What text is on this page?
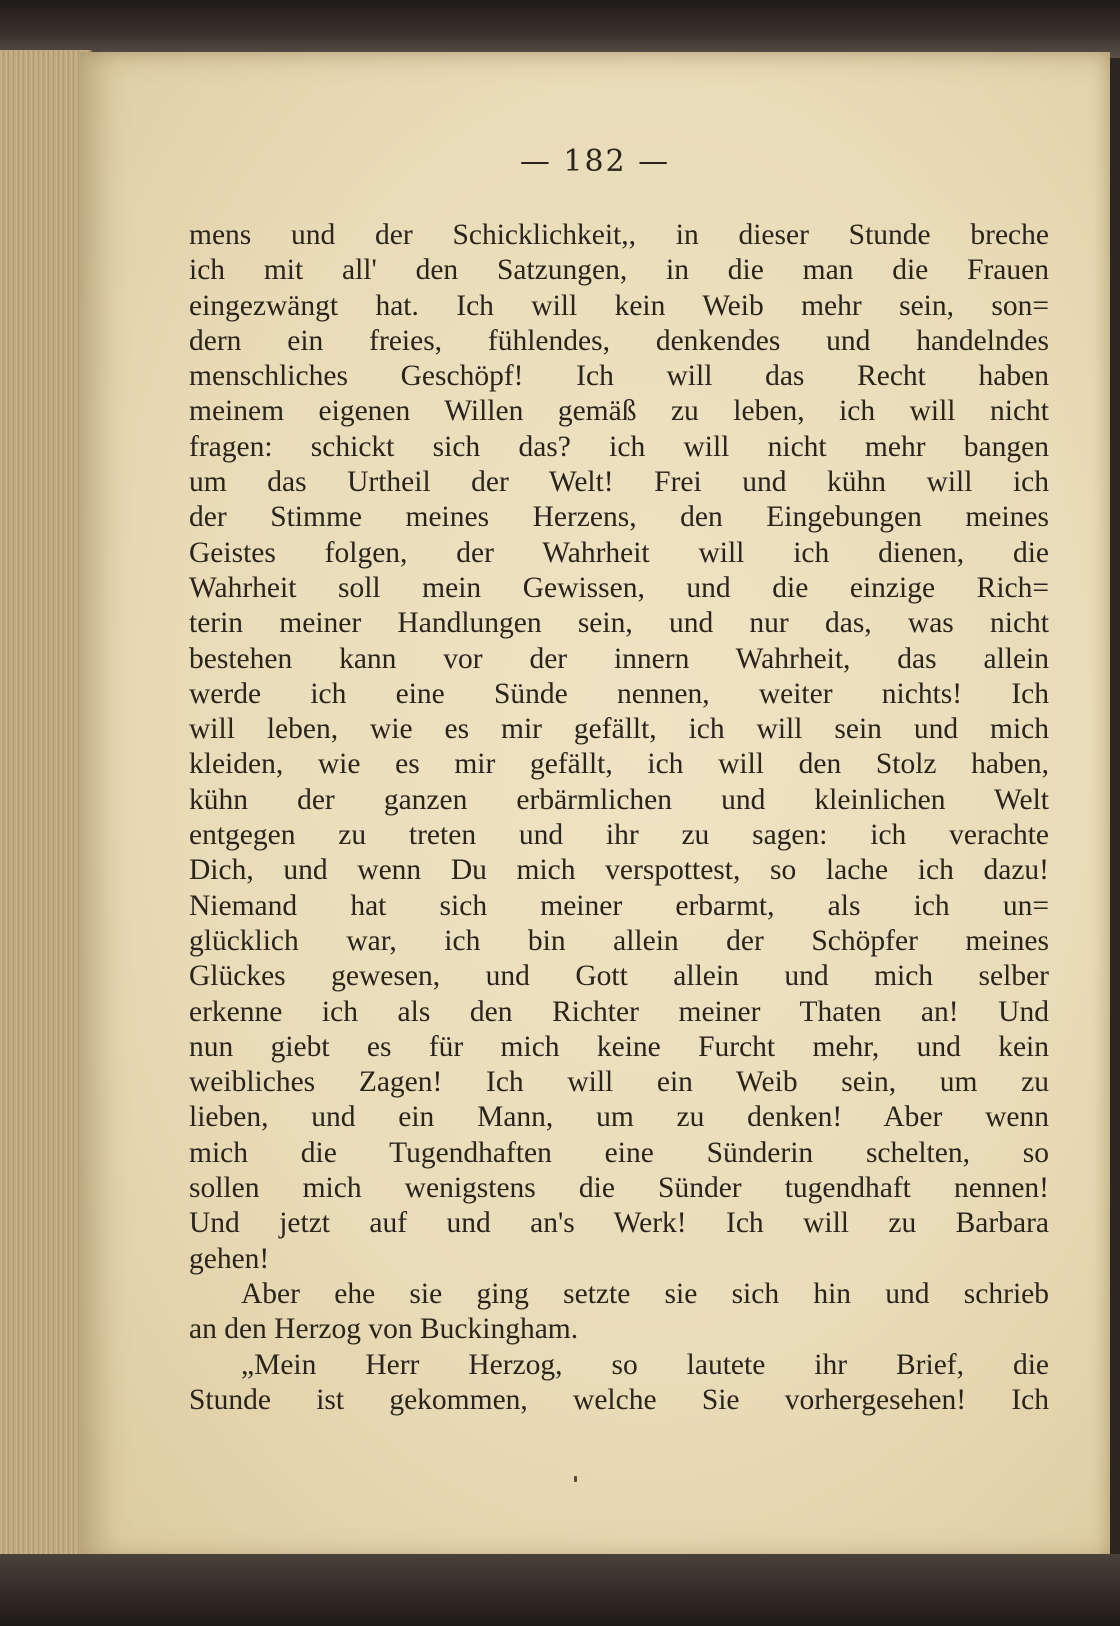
— 182 —
mens und der Schicklichkeit,, in dieser Stunde breche
ich mit all' den Satzungen, in die man die Frauen
eingezwängt hat. Ich will kein Weib mehr sein, son=
dern ein freies, fühlendes, denkendes und handelndes
menschliches Geschöpf! Ich will das Recht haben
meinem eigenen Willen gemäß zu leben, ich will nicht
fragen: schickt sich das? ich will nicht mehr bangen
um das Urtheil der Welt! Frei und kühn will ich
der Stimme meines Herzens, den Eingebungen meines
Geistes folgen, der Wahrheit will ich dienen, die
Wahrheit soll mein Gewissen, und die einzige Rich=
terin meiner Handlungen sein, und nur das, was nicht
bestehen kann vor der innern Wahrheit, das allein
werde ich eine Sünde nennen, weiter nichts! Ich
will leben, wie es mir gefällt, ich will sein und mich
kleiden, wie es mir gefällt, ich will den Stolz haben,
kühn der ganzen erbärmlichen und kleinlichen Welt
entgegen zu treten und ihr zu sagen: ich verachte
Dich, und wenn Du mich verspottest, so lache ich dazu!
Niemand hat sich meiner erbarmt, als ich un=
glücklich war, ich bin allein der Schöpfer meines
Glückes gewesen, und Gott allein und mich selber
erkenne ich als den Richter meiner Thaten an! Und
nun giebt es für mich keine Furcht mehr, und kein
weibliches Zagen! Ich will ein Weib sein, um zu
lieben, und ein Mann, um zu denken! Aber wenn
mich die Tugendhaften eine Sünderin schelten, so
sollen mich wenigstens die Sünder tugendhaft nennen!
Und jetzt auf und an's Werk! Ich will zu Barbara
gehen!
Aber ehe sie ging setzte sie sich hin und schrieb
an den Herzog von Buckingham.
„Mein Herr Herzog, so lautete ihr Brief, die
Stunde ist gekommen, welche Sie vorhergesehen! Ich
